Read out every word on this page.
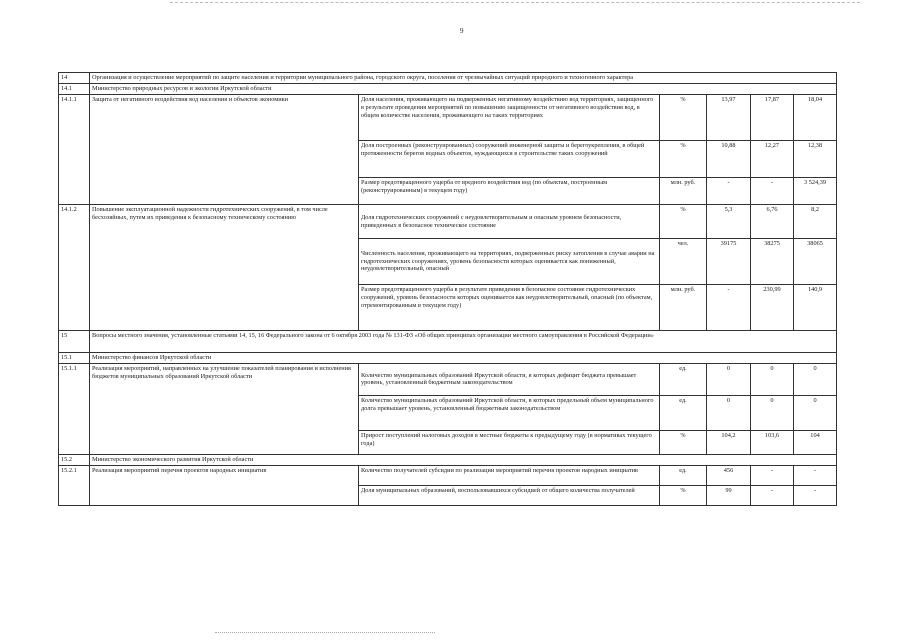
9
14	Организация и осуществление мероприятий по защите населения и территории муниципального района, городского округа, поселения от чрезвычайных ситуаций природного и техногенного характера					
14.1	Министерство природных ресурсов и экологии Иркутской области					
14.1.1	Защита от негативного воздействия вод населения и объектов экономики	Доля населения, проживающего на подверженных негативному воздействию вод территориях, защищенного в результате проведения мероприятий по повышению защищенности от негативного воздействия вод, в общем количестве населения, проживающего на таких территориях	%	13,97	17,87	18,04
		Доля построенных (реконструированных) сооружений инженерной защиты и берегоукрепления, в общей протяженности берегов водных объектов, нуждающихся в строительстве таких сооружений	%	10,88	12,27	12,38
		Размер предотвращенного ущерба от вредного воздействия вод (по объектам, построенным (реконструированным) в текущем году)	млн. руб.	-	-	3 524,39
14.1.2	Повышение эксплуатационной надежности гидротехнических сооружений, в том числе бесхозяйных, путем их приведения к безопасному техническому состоянию	Доля гидротехнических сооружений с неудовлетворительным и опасным уровнем безопасности, приведенных в безопасное техническое состояние	%	5,3	6,76	8,2
		Численность населения, проживающего на территориях, подверженных риску затопления в случае аварии на гидротехнических сооружениях, уровень безопасности которых оценивается как пониженный, неудовлетворительный, опасный	чел.	39175	38275	38065
		Размер предотвращенного ущерба в результате приведения в безопасное состояние гидротехнических сооружений, уровень безопасности которых оценивается как неудовлетворительный, опасный (по объектам, отремонтированным в текущем году)	млн. руб.	-	230,99	140,9
15	Вопросы местного значения, установленные статьями 14, 15, 16 Федерального закона от 6 октября 2003 года № 131-ФЗ «Об общих принципах организации местного самоуправления в Российской Федерации»					
15.1	Министерство финансов Иркутской области					
15.1.1	Реализация мероприятий, направленных на улучшение показателей планирования и исполнения бюджетов муниципальных образований Иркутской области	Количество муниципальных образований Иркутской области, в которых дефицит бюджета превышает уровень, установленный бюджетным законодательством	ед.	0	0	0
		Количество муниципальных образований Иркутской области, в которых предельный объем муниципального долга превышает уровень, установленный бюджетным законодательством	ед.	0	0	0
		Прирост поступлений налоговых доходов в местные бюджеты к предыдущему году (в нормативах текущего года)	%	104,2	103,6	104
15.2	Министерство экономического развития Иркутской области					
15.2.1	Реализация мероприятий перечня проектов народных инициатив	Количество получателей субсидии по реализации мероприятий перечня проектов народных инициатив	ед.	456	-	-
		Доля муниципальных образований, воспользовавшихся субсидией от общего количества получателей	%	99	-	-
